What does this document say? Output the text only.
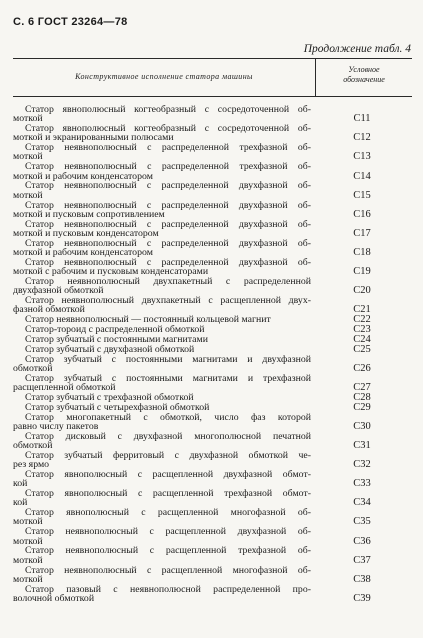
С. 6 ГОСТ 23264—78
Продолжение табл. 4
Конструктивное исполнение статора машины
Условное
обозначение
Статор явнополюсный когтеобразный с сосредоточенной об-
моткой	С11
Статор явнополюсный когтеобразный с сосредоточенной об-
моткой и экранированными полюсами	С12
Статор неявнополюсный с распределенной трехфазной об-
моткой	С13
Статор неявнополюсный с распределенной трехфазной об-
моткой и рабочим конденсатором	С14
Статор неявнополюсный с распределенной двухфазной об-
моткой	С15
Статор неявнополюсный с распределенной двухфазной об-
моткой и пусковым сопротивлением	С16
Статор неявнополюсный с распределенной двухфазной об-
моткой и пусковым конденсатором	С17
Статор неявнополюсный с распределенной двухфазной об-
моткой и рабочим конденсатором	С18
Статор неявнополюсный с распределенной двухфазной об-
моткой с рабочим и пусковым конденсаторами	С19
Статор неявнополюсный двухпакетный с распределенной
двухфазной обмоткой	С20
Статор неявнополюсный двухпакетный с расщепленной двух-
фазной обмоткой	С21
Статор неявнополюсный — постоянный кольцевой магнит	С22
Статор-тороид с распределенной обмоткой	С23
Статор зубчатый с постоянными магнитами	С24
Статор зубчатый с двухфазной обмоткой	С25
Статор зубчатый с постоянными магнитами и двухфазной
обмоткой	С26
Статор зубчатый с постоянными магнитами и трехфазной
расщепленной обмоткой	С27
Статор зубчатый с трехфазной обмоткой	С28
Статор зубчатый с четырехфазной обмоткой	С29
Статор многопакетный с обмоткой, число фаз которой
равно числу пакетов	С30
Статор дисковый с двухфазной многополюсной печатной
обмоткой	С31
Статор зубчатый ферритовый с двухфазной обмоткой че-
рез ярмо	С32
Статор явнополюсный с расщепленной двухфазной обмот-
кой	С33
Статор явнополюсный с расщепленной трехфазной обмот-
кой	С34
Статор явнополюсный с расщепленной многофазной об-
моткой	С35
Статор неявнополюсный с расщепленной двухфазной об-
моткой	С36
Статор неявнополюсный с расщепленной трехфазной об-
моткой	С37
Статор неявнополюсный с расщепленной многофазной об-
моткой	С38
Статор пазовый с неявнополюсной распределенной про-
волочной обмоткой	С39
